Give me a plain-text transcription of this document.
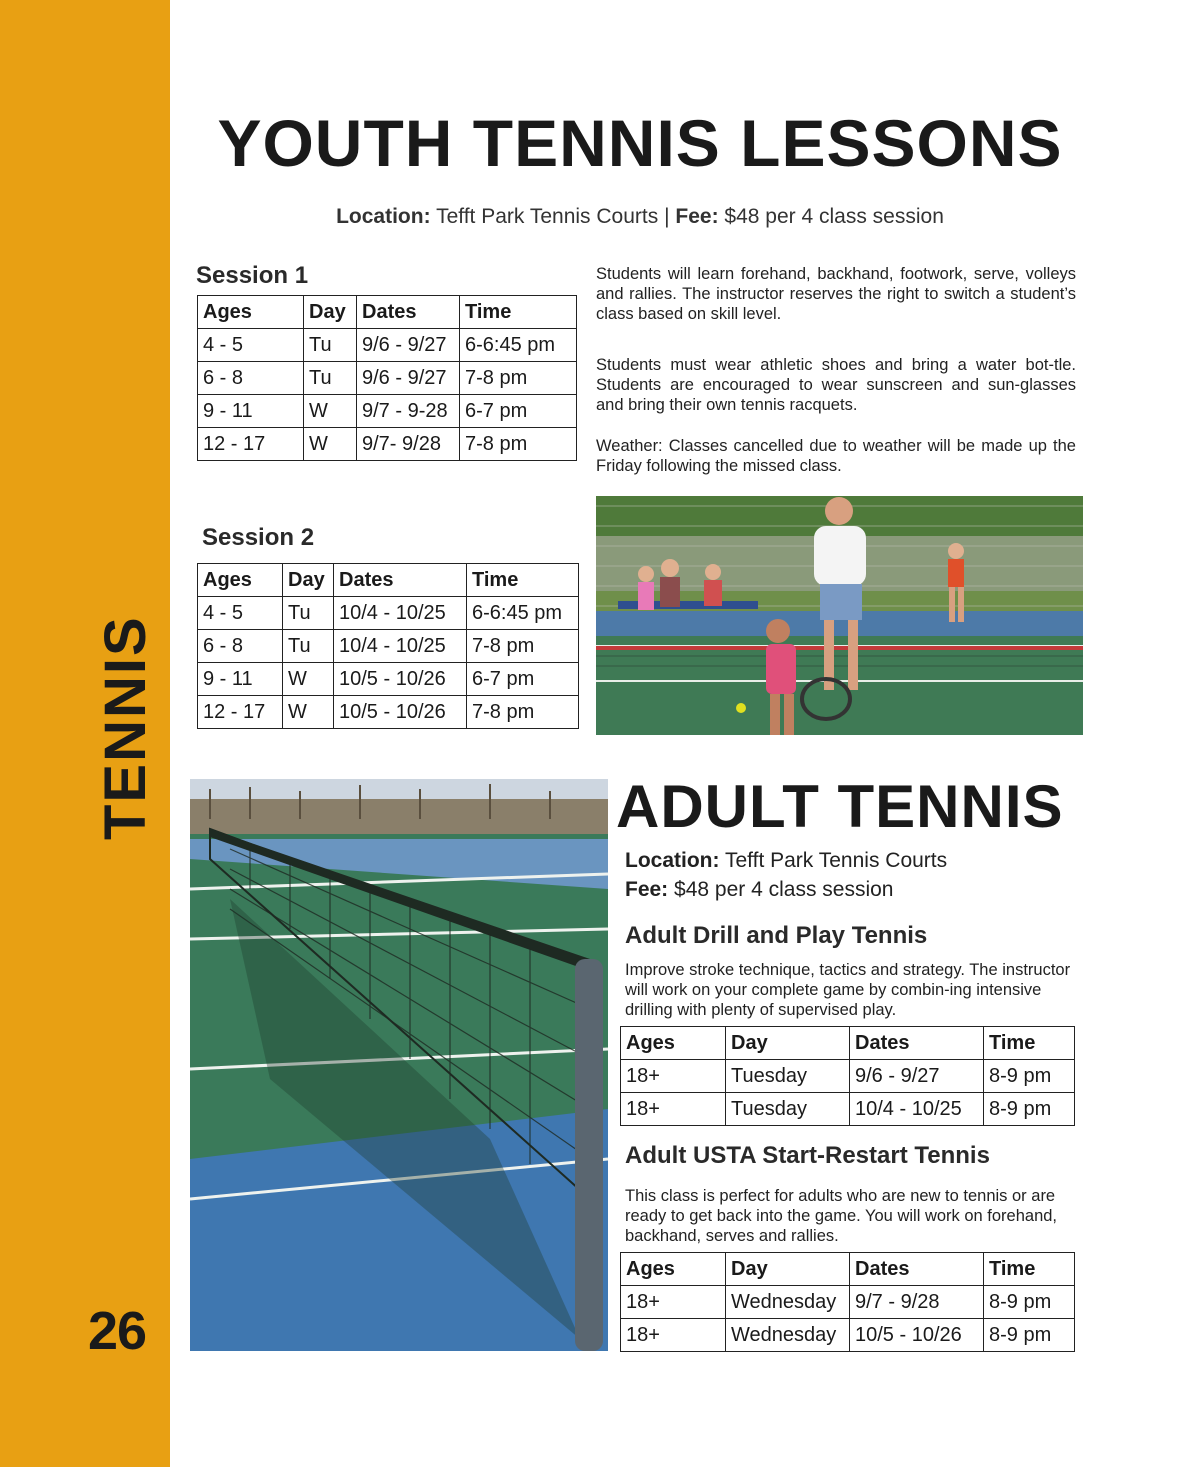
26
YOUTH TENNIS LESSONS
Location: Tefft Park Tennis Courts | Fee: $48 per 4 class session
Session 1
Ages	Day	Dates	Time
4 - 5	Tu	9/6 - 9/27	6-6:45 pm
6 - 8	Tu	9/6 - 9/27	7-8 pm
9 - 11	W	9/7 - 9-28	6-7 pm
12 - 17	W	9/7- 9/28	7-8 pm
Students will learn forehand, backhand, footwork, serve, volleys and rallies. The instructor reserves the right to switch a student’s class based on skill level.
Students must wear athletic shoes and bring a water bot-tle. Students are encouraged to wear sunscreen and sun-glasses and bring their own tennis racquets.
Weather: Classes cancelled due to weather will be made up the Friday following the missed class.
Session 2
Ages	Day	Dates	Time
4 - 5	Tu	10/4 - 10/25	6-6:45 pm
6 - 8	Tu	10/4 - 10/25	7-8 pm
9 - 11	W	10/5 - 10/26	6-7 pm
12 - 17	W	10/5 - 10/26	7-8 pm
ADULT TENNIS
Location: Tefft Park Tennis Courts
Fee: $48 per 4 class session
Adult Drill and Play Tennis
Improve stroke technique, tactics and strategy. The instructor will work on your complete game by combin-ing intensive drilling with plenty of supervised play.
Ages	Day	Dates	Time
18+	Tuesday	9/6 - 9/27	8-9 pm
18+	Tuesday	10/4 - 10/25	8-9 pm
Adult USTA Start-Restart Tennis
This class is perfect for adults who are new to tennis or are ready to get back into the game. You will work on forehand, backhand, serves and rallies.
Ages	Day	Dates	Time
18+	Wednesday	9/7 - 9/28	8-9 pm
18+	Wednesday	10/5 - 10/26	8-9 pm
